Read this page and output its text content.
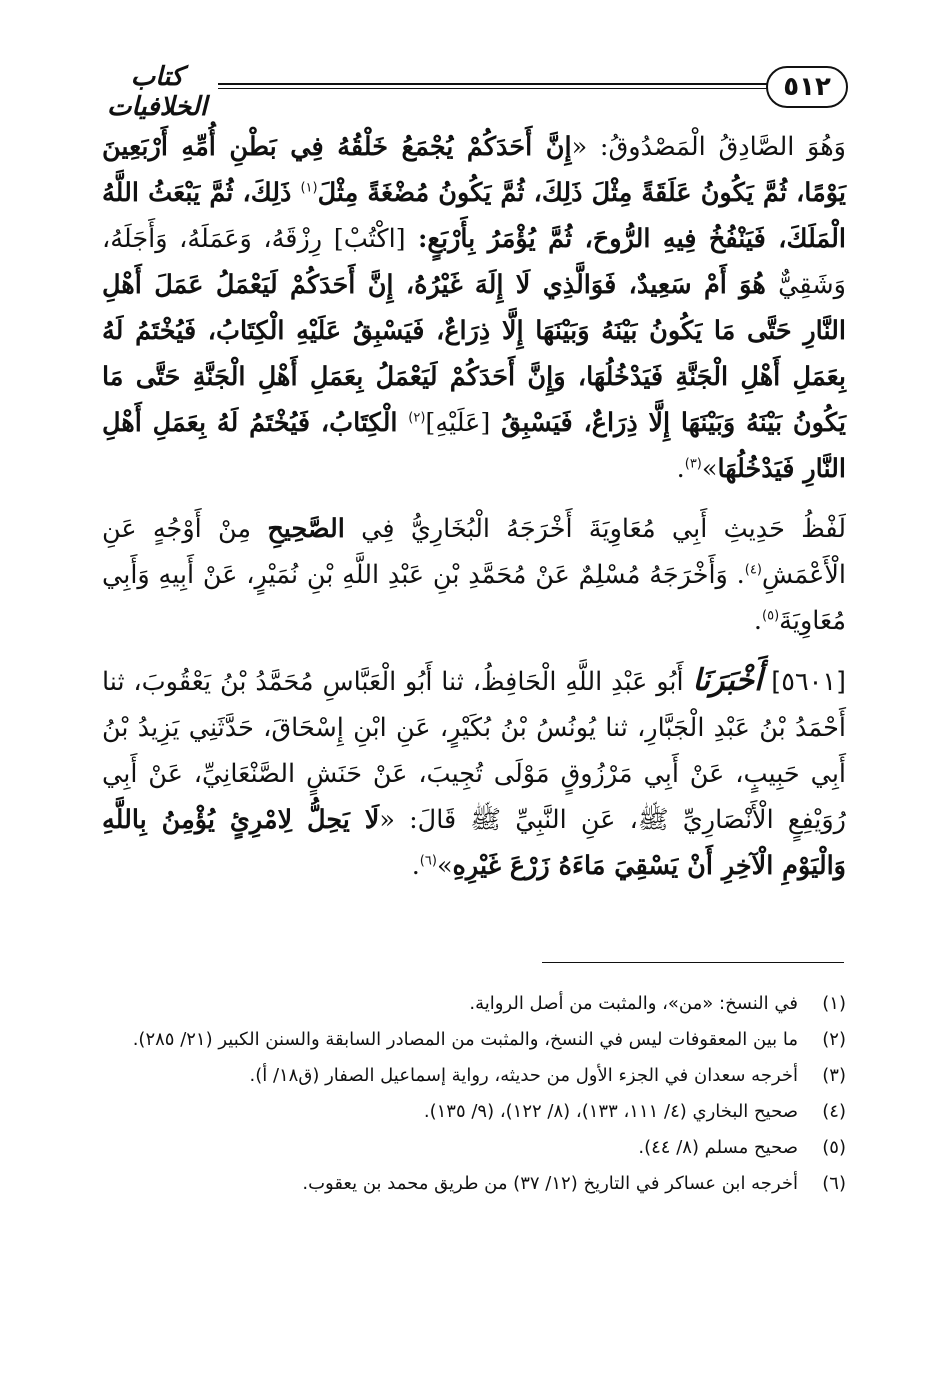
٥١٢
كتاب الخلافيات

وَهُوَ الصَّادِقُ الْمَصْدُوقُ: «إِنَّ أَحَدَكُمْ يُجْمَعُ خَلْقُهُ فِي بَطْنِ أُمِّهِ أَرْبَعِينَ يَوْمًا، ثُمَّ يَكُونُ عَلَقَةً مِثْلَ ذَلِكَ، ثُمَّ يَكُونُ مُضْغَةً مِثْلَ$^{(١)}$ ذَلِكَ، ثُمَّ يَبْعَثُ اللَّهُ الْمَلَكَ، فَيَنْفُخُ فِيهِ الرُّوحَ، ثُمَّ يُؤْمَرُ بِأَرْبَعٍ: [اكْتُبْ] رِزْقَهُ، وَعَمَلَهُ، وَأَجَلَهُ، وَشَقِيٌّ هُوَ أَمْ سَعِيدٌ، فَوَالَّذِي لَا إِلَهَ غَيْرُهُ، إِنَّ أَحَدَكُمْ لَيَعْمَلُ عَمَلَ أَهْلِ النَّارِ حَتَّى مَا يَكُونُ بَيْنَهُ وَبَيْنَهَا إِلَّا ذِرَاعٌ، فَيَسْبِقُ عَلَيْهِ الْكِتَابُ، فَيُخْتَمُ لَهُ بِعَمَلِ أَهْلِ الْجَنَّةِ فَيَدْخُلُهَا، وَإِنَّ أَحَدَكُمْ لَيَعْمَلُ بِعَمَلِ أَهْلِ الْجَنَّةِ حَتَّى مَا يَكُونُ بَيْنَهُ وَبَيْنَهَا إِلَّا ذِرَاعٌ، فَيَسْبِقُ [عَلَيْهِ]$^{(٢)}$ الْكِتَابُ، فَيُخْتَمُ لَهُ بِعَمَلِ أَهْلِ النَّارِ فَيَدْخُلُهَا»$^{(٣)}$.

لَفْظُ حَدِيثِ أَبِي مُعَاوِيَةَ أَخْرَجَهُ الْبُخَارِيُّ فِي الصَّحِيحِ مِنْ أَوْجُهٍ عَنِ الْأَعْمَشِ$^{(٤)}$. وَأَخْرَجَهُ مُسْلِمٌ عَنْ مُحَمَّدِ بْنِ عَبْدِ اللَّهِ بْنِ نُمَيْرٍ، عَنْ أَبِيهِ وَأَبِي مُعَاوِيَةَ$^{(٥)}$.

[٥٦٠١] أَخْبَرَنَا أَبُو عَبْدِ اللَّهِ الْحَافِظُ، ثنا أَبُو الْعَبَّاسِ مُحَمَّدُ بْنُ يَعْقُوبَ، ثنا أَحْمَدُ بْنُ عَبْدِ الْجَبَّارِ، ثنا يُونُسُ بْنُ بُكَيْرٍ، عَنِ ابْنِ إِسْحَاقَ، حَدَّثَنِي يَزِيدُ بْنُ أَبِي حَبِيبٍ، عَنْ أَبِي مَرْزُوقٍ مَوْلَى تُجِيبَ، عَنْ حَنَشٍ الصَّنْعَانِيِّ، عَنْ أَبِي رُوَيْفِعٍ الْأَنْصَارِيِّ ﷺ، عَنِ النَّبِيِّ ﷺ قَالَ: «لَا يَحِلُّ لِامْرِئٍ يُؤْمِنُ بِاللَّهِ وَالْيَوْمِ الْآخِرِ أَنْ يَسْقِيَ مَاءَهُ زَرْعَ غَيْرِهِ»$^{(٦)}$.

(١)
في النسخ: «من»، والمثبت من أصل الرواية.
(٢)
ما بين المعقوفات ليس في النسخ، والمثبت من المصادر السابقة والسنن الكبير (٢١/ ٢٨٥).
(٣)
أخرجه سعدان في الجزء الأول من حديثه، رواية إسماعيل الصفار (ق١٨/ أ).
(٤)
صحيح البخاري (٤/ ١١١، ١٣٣)، (٨/ ١٢٢)، (٩/ ١٣٥).
(٥)
صحيح مسلم (٨/ ٤٤).
(٦)
أخرجه ابن عساكر في التاريخ (١٢/ ٣٧) من طريق محمد بن يعقوب.
